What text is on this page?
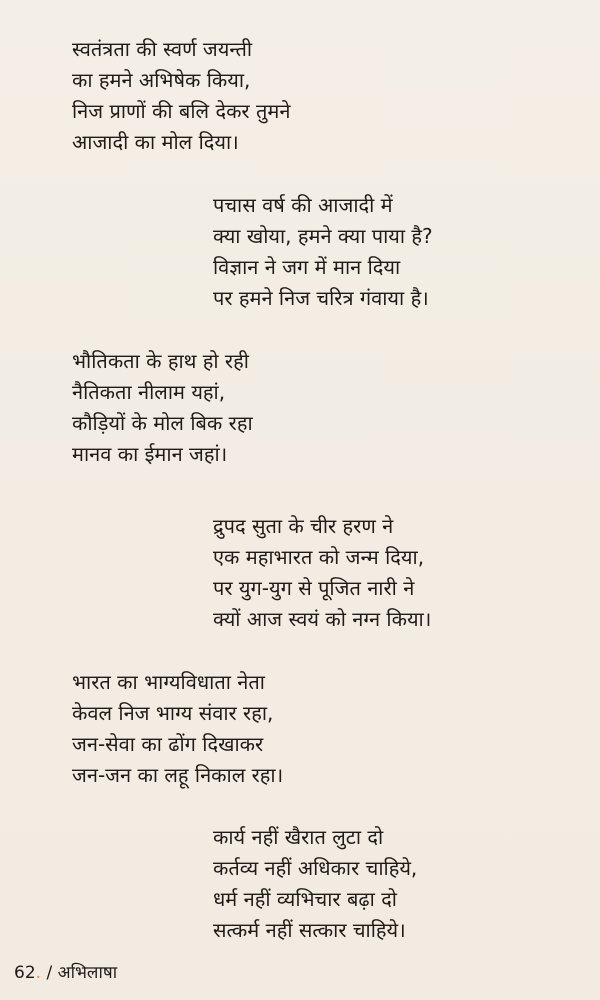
स्वतंत्रता की स्वर्ण जयन्ती
का हमने अभिषेक किया,
निज प्राणों की बलि देकर तुमने
आजादी का मोल दिया।
पचास वर्ष की आजादी में
क्या खोया, हमने क्या पाया है?
विज्ञान ने जग में मान दिया
पर हमने निज चरित्र गंवाया है।
भौतिकता के हाथ हो रही
नैतिकता नीलाम यहां,
कौड़ियों के मोल बिक रहा
मानव का ईमान जहां।
द्रुपद सुता के चीर हरण ने
एक महाभारत को जन्म दिया,
पर युग-युग से पूजित नारी ने
क्यों आज स्वयं को नग्न किया।
भारत का भाग्यविधाता नेता
केवल निज भाग्य संवार रहा,
जन-सेवा का ढोंग दिखाकर
जन-जन का लहू निकाल रहा।
कार्य नहीं खैरात लुटा दो
कर्तव्य नहीं अधिकार चाहिये,
धर्म नहीं व्यभिचार बढ़ा दो
सत्कर्म नहीं सत्कार चाहिये।
62. / अभिलाषा
